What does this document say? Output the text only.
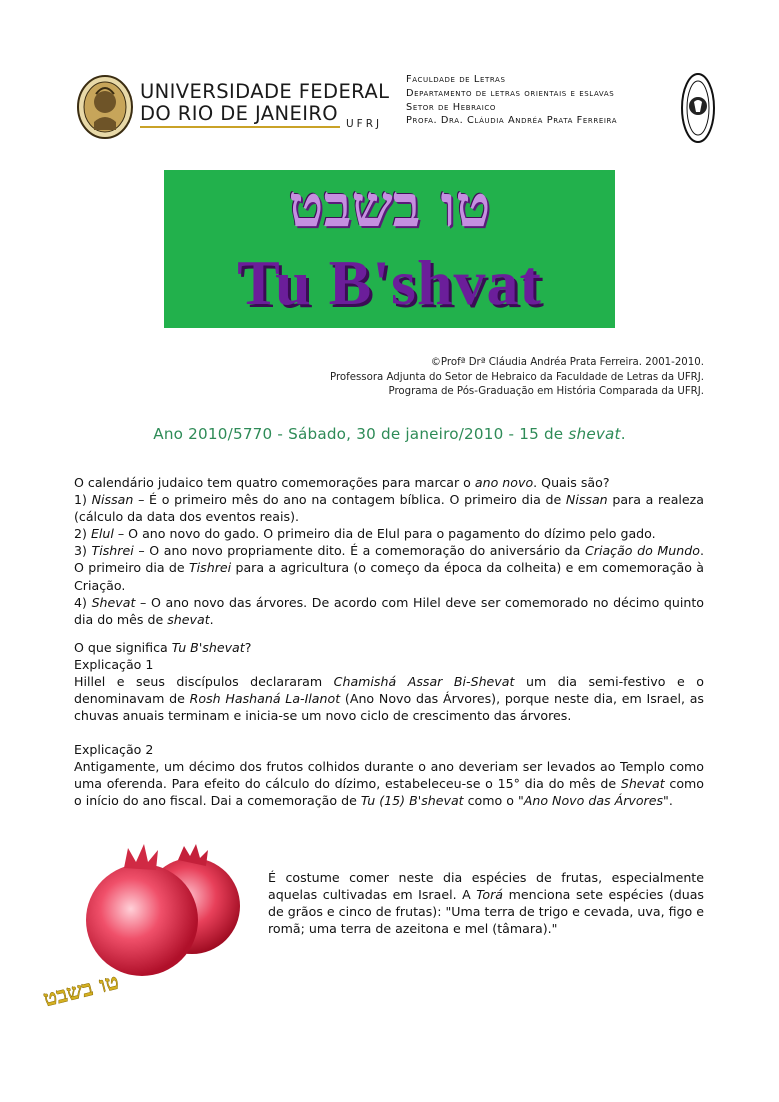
UNIVERSIDADE FEDERAL
DO RIO DE JANEIRO UFRJ
Faculdade de Letras
Departamento de letras orientais e eslavas
Setor de Hebraico
Profa. Dra. Cláudia Andréa Prata Ferreira
טו בשבט
Tu B'shvat
©Profª Drª Cláudia Andréa Prata Ferreira. 2001-2010.
Professora Adjunta do Setor de Hebraico da Faculdade de Letras da UFRJ.
Programa de Pós-Graduação em História Comparada da UFRJ.
Ano 2010/5770 - Sábado, 30 de janeiro/2010 - 15 de shevat.

O calendário judaico tem quatro comemorações para marcar o ano novo. Quais são?

1) Nissan – É o primeiro mês do ano na contagem bíblica. O primeiro dia de Nissan para a realeza (cálculo da data dos eventos reais).

2) Elul – O ano novo do gado. O primeiro dia de Elul para o pagamento do dízimo pelo gado.

3) Tishrei – O ano novo propriamente dito. É a comemoração do aniversário da Criação do Mundo. O primeiro dia de Tishrei para a agricultura (o começo da época da colheita) e em comemoração à Criação.

4) Shevat – O ano novo das árvores. De acordo com Hilel deve ser comemorado no décimo quinto dia do mês de shevat.

O que significa Tu B'shevat?

Explicação 1

Hillel e seus discípulos declararam Chamishá Assar Bi-Shevat um dia semi-festivo e o denominavam de Rosh Hashaná La-Ilanot (Ano Novo das Árvores), porque neste dia, em Israel, as chuvas anuais terminam e inicia-se um novo ciclo de crescimento das árvores.

Explicação 2

Antigamente, um décimo dos frutos colhidos durante o ano deveriam ser levados ao Templo como uma oferenda. Para efeito do cálculo do dízimo, estabeleceu-se o 15° dia do mês de Shevat como o início do ano fiscal. Dai a comemoração de Tu (15) B'shevat como o "Ano Novo das Árvores".

טו בשבט
É costume comer neste dia espécies de frutas, especialmente aquelas cultivadas em Israel. A Torá menciona sete espécies (duas de grãos e cinco de frutas): "Uma terra de trigo e cevada, uva, figo e romã; uma terra de azeitona e mel (tâmara)."
